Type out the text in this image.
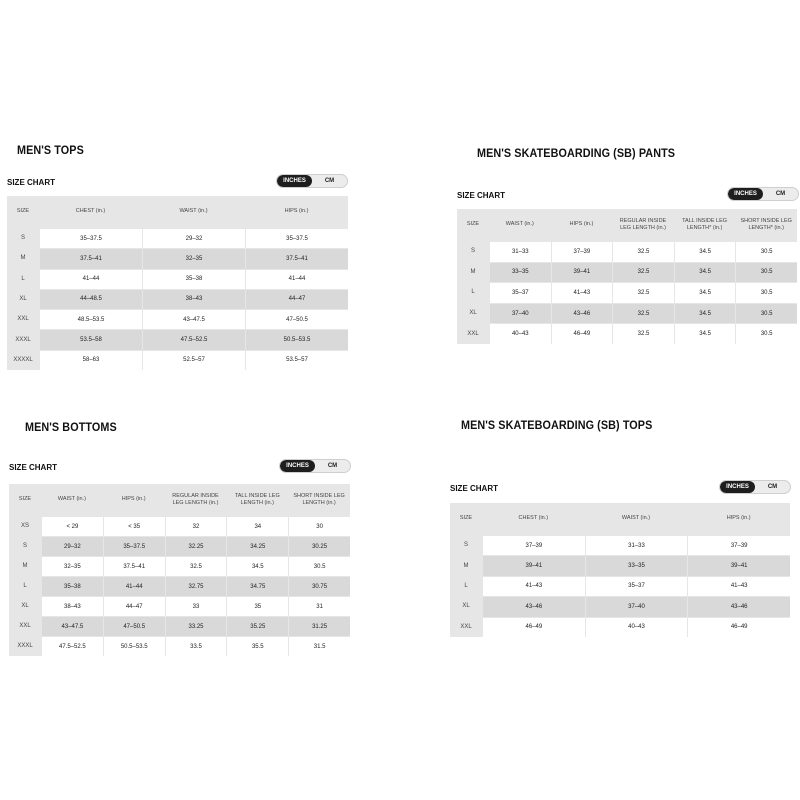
MEN'S TOPS
SIZE CHART	INCHES	CM
SIZE	CHEST (in.)	WAIST (in.)	HIPS (in.)
S	35–37.5	29–32	35–37.5
M	37.5–41	32–35	37.5–41
L	41–44	35–38	41–44
XL	44–48.5	38–43	44–47
XXL	48.5–53.5	43–47.5	47–50.5
XXXL	53.5–58	47.5–52.5	50.5–53.5
XXXXL	58–63	52.5–57	53.5–57
MEN'S SKATEBOARDING (SB) PANTS
SIZE CHART	INCHES	CM
SIZE	WAIST (in.)	HIPS (in.)	REGULAR INSIDE LEG LENGTH (in.)	TALL INSIDE LEG LENGTH* (in.)	SHORT INSIDE LEG LENGTH* (in.)
S	31–33	37–39	32.5	34.5	30.5
M	33–35	39–41	32.5	34.5	30.5
L	35–37	41–43	32.5	34.5	30.5
XL	37–40	43–46	32.5	34.5	30.5
XXL	40–43	46–49	32.5	34.5	30.5
MEN'S BOTTOMS
SIZE CHART	INCHES	CM
SIZE	WAIST (in.)	HIPS (in.)	REGULAR INSIDE LEG LENGTH (in.)	TALL INSIDE LEG LENGTH (in.)	SHORT INSIDE LEG LENGTH (in.)
XS	< 29	< 35	32	34	30
S	29–32	35–37.5	32.25	34.25	30.25
M	32–35	37.5–41	32.5	34.5	30.5
L	35–38	41–44	32.75	34.75	30.75
XL	38–43	44–47	33	35	31
XXL	43–47.5	47–50.5	33.25	35.25	31.25
XXXL	47.5–52.5	50.5–53.5	33.5	35.5	31.5
MEN'S SKATEBOARDING (SB) TOPS
SIZE CHART	INCHES	CM
SIZE	CHEST (in.)	WAIST (in.)	HIPS (in.)
S	37–39	31–33	37–39
M	39–41	33–35	39–41
L	41–43	35–37	41–43
XL	43–46	37–40	43–46
XXL	46–49	40–43	46–49
